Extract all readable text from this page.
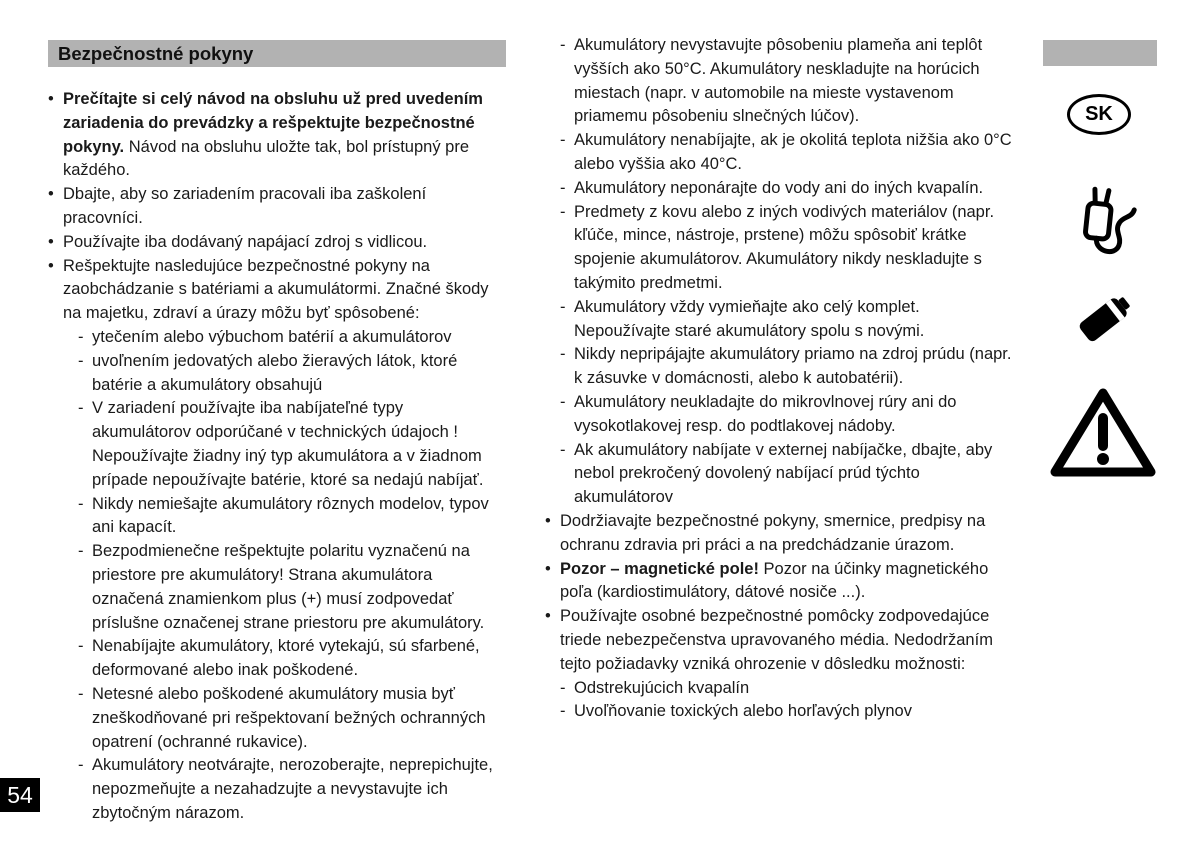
Bezpečnostné pokyny
• Prečítajte si celý návod na obsluhu už pred uvedením zariadenia do prevádzky a rešpektujte bezpečnostné pokyny. Návod na obsluhu uložte tak, bol prístupný pre každého.
• Dbajte, aby so zariadením pracovali iba zaškolení pracovníci.
• Používajte iba dodávaný napájací zdroj s vidlicou.
• Rešpektujte nasledujúce bezpečnostné pokyny na zaobchádzanie s batériami a akumulátormi. Značné škody na majetku, zdraví a úrazy môžu byť spôsobené:
- ytečením alebo výbuchom batérií a akumulátorov
- uvoľnením jedovatých alebo žieravých látok, ktoré batérie a akumulátory obsahujú
- V zariadení používajte iba nabíjateľné typy akumulátorov odporúčané v technických údajoch ! Nepoužívajte žiadny iný typ akumulátora a v žiadnom prípade nepoužívajte batérie, ktoré sa nedajú nabíjať.
- Nikdy nemiešajte akumulátory rôznych modelov, typov ani kapacít.
- Bezpodmienečne rešpektujte polaritu vyznačenú na priestore pre akumulátory! Strana akumulátora označená znamienkom plus (+) musí zodpovedať príslušne označenej strane priestoru pre akumulátory.
- Nenabíjajte akumulátory, ktoré vytekajú, sú sfarbené, deformované alebo inak poškodené.
- Netesné alebo poškodené akumulátory musia byť zneškodňované pri rešpektovaní bežných ochranných opatrení (ochranné rukavice).
- Akumulátory neotvárajte, nerozoberajte, neprepichujte, nepozmeňujte a nezahadzujte a nevystavujte ich zbytočným nárazom.
- Akumulátory nevystavujte pôsobeniu plameňa ani teplôt vyšších ako 50°C. Akumulátory neskladujte na horúcich miestach (napr. v automobile na mieste vystavenom priamemu pôsobeniu slnečných lúčov).
- Akumulátory nenabíjajte, ak je okolitá teplota nižšia ako 0°C alebo vyššia ako 40°C.
- Akumulátory neponárajte do vody ani do iných kvapalín.
- Predmety z kovu alebo z iných vodivých materiálov (napr. kľúče, mince, nástroje, prstene) môžu spôsobiť krátke spojenie akumulátorov. Akumulátory nikdy neskladujte s takýmito predmetmi.
- Akumulátory vždy vymieňajte ako celý komplet. Nepoužívajte staré akumulátory spolu s novými.
- Nikdy nepripájajte akumulátory priamo na zdroj prúdu (napr. k zásuvke v domácnosti, alebo k autobatérii).
- Akumulátory neukladajte do mikrovlnovej rúry ani do vysokotlakovej resp. do podtlakovej nádoby.
- Ak akumulátory nabíjate v externej nabíjačke, dbajte, aby nebol prekročený dovolený nabíjací prúd týchto akumulátorov
• Dodržiavajte bezpečnostné pokyny, smernice, predpisy na ochranu zdravia pri práci a na predchádzanie úrazom.
• Pozor – magnetické pole! Pozor na účinky magnetického poľa (kardiostimulátory, dátové nosiče ...).
• Používajte osobné bezpečnostné pomôcky zodpovedajúce triede nebezpečenstva upravovaného média. Nedodržaním tejto požiadavky vzniká ohrozenie v dôsledku možnosti:
- Odstrekujúcich kvapalín
- Uvoľňovanie toxických alebo horľavých plynov
SK
54
